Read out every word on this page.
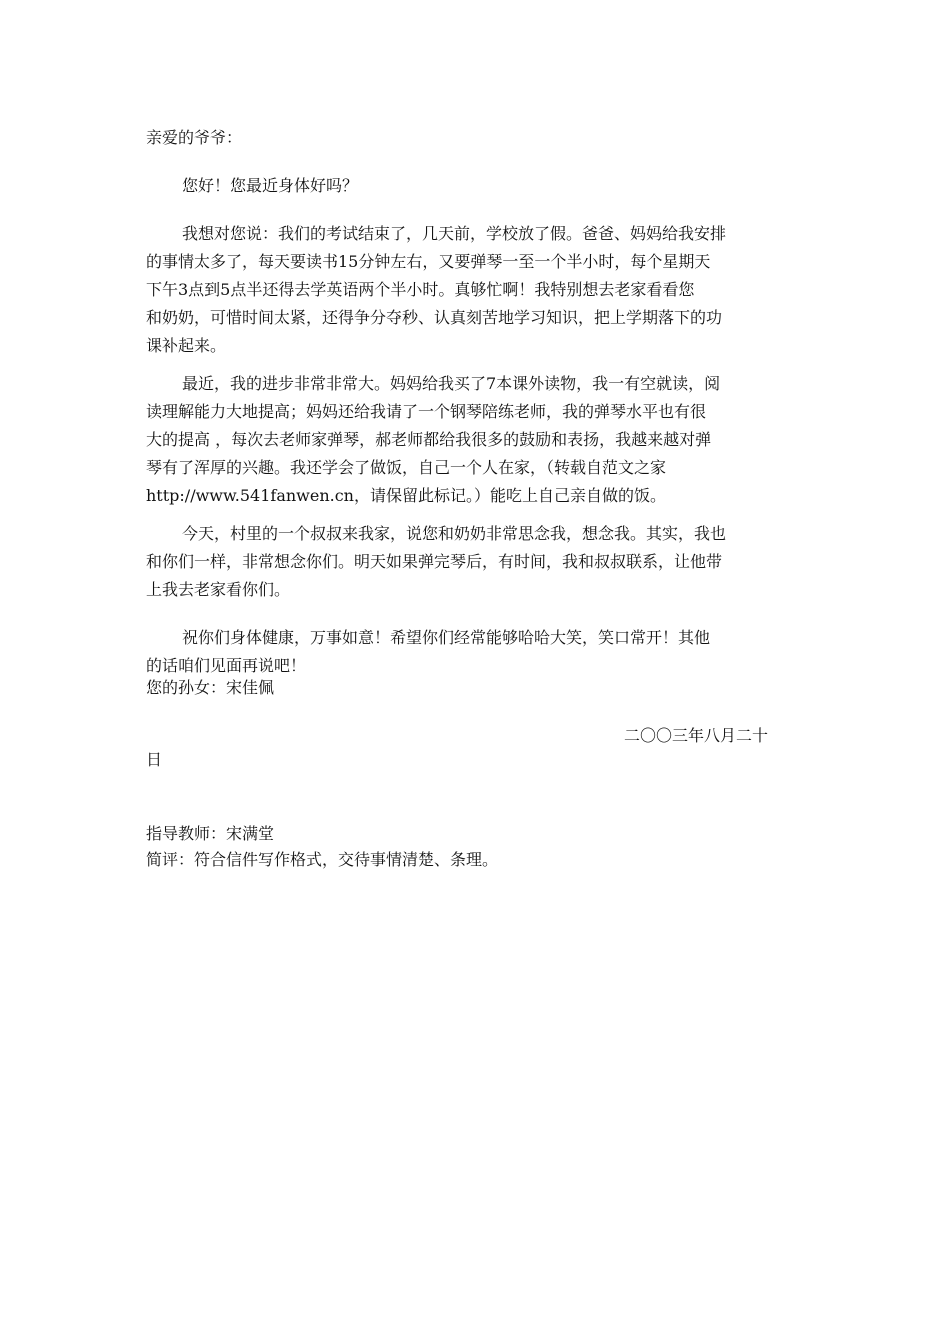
亲爱的爷爷：
您好！您最近身体好吗？
我想对您说：我们的考试结束了，几天前，学校放了假。爸爸、妈妈给我安排
的事情太多了，每天要读书15分钟左右，又要弹琴一至一个半小时，每个星期天
下午3点到5点半还得去学英语两个半小时。真够忙啊！我特别想去老家看看您
和奶奶，可惜时间太紧，还得争分夺秒、认真刻苦地学习知识，把上学期落下的功
课补起来。
最近，我的进步非常非常大。妈妈给我买了7本课外读物，我一有空就读，阅
读理解能力大地提高；妈妈还给我请了一个钢琴陪练老师，我的弹琴水平也有很
大的提高 ，每次去老师家弹琴，郝老师都给我很多的鼓励和表扬，我越来越对弹
琴有了浑厚的兴趣。我还学会了做饭，自己一个人在家，（转载自范文之家
http://www.541fanwen.cn，请保留此标记。）能吃上自己亲自做的饭。
今天，村里的一个叔叔来我家，说您和奶奶非常思念我，想念我。其实，我也
和你们一样，非常想念你们。明天如果弹完琴后，有时间，我和叔叔联系，让他带
上我去老家看你们。
祝你们身体健康，万事如意！希望你们经常能够哈哈大笑，笑口常开！其他
的话咱们见面再说吧！
您的孙女：宋佳佩
二〇〇三年八月二十
日
指导教师：宋满堂
简评：符合信件写作格式，交待事情清楚、条理。
